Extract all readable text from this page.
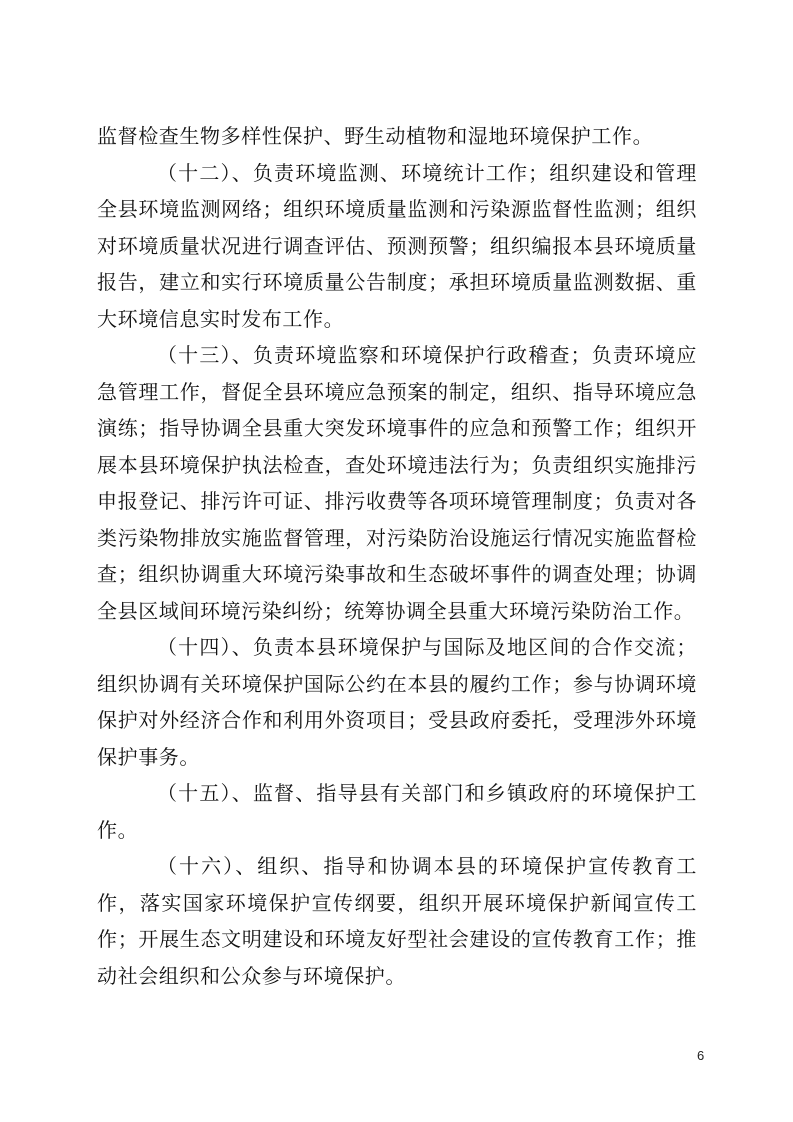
监督检查生物多样性保护、野生动植物和湿地环境保护工作。

（十二）、负责环境监测、环境统计工作；组织建设和管理全县环境监测网络；组织环境质量监测和污染源监督性监测；组织对环境质量状况进行调查评估、预测预警；组织编报本县环境质量报告，建立和实行环境质量公告制度；承担环境质量监测数据、重大环境信息实时发布工作。

（十三）、负责环境监察和环境保护行政稽查；负责环境应急管理工作，督促全县环境应急预案的制定，组织、指导环境应急演练；指导协调全县重大突发环境事件的应急和预警工作；组织开展本县环境保护执法检查，查处环境违法行为；负责组织实施排污申报登记、排污许可证、排污收费等各项环境管理制度；负责对各类污染物排放实施监督管理，对污染防治设施运行情况实施监督检查；组织协调重大环境污染事故和生态破坏事件的调查处理；协调全县区域间环境污染纠纷；统筹协调全县重大环境污染防治工作。

（十四）、负责本县环境保护与国际及地区间的合作交流；组织协调有关环境保护国际公约在本县的履约工作；参与协调环境保护对外经济合作和利用外资项目；受县政府委托，受理涉外环境保护事务。

（十五）、监督、指导县有关部门和乡镇政府的环境保护工作。

（十六）、组织、指导和协调本县的环境保护宣传教育工作，落实国家环境保护宣传纲要，组织开展环境保护新闻宣传工作；开展生态文明建设和环境友好型社会建设的宣传教育工作；推动社会组织和公众参与环境保护。

6
